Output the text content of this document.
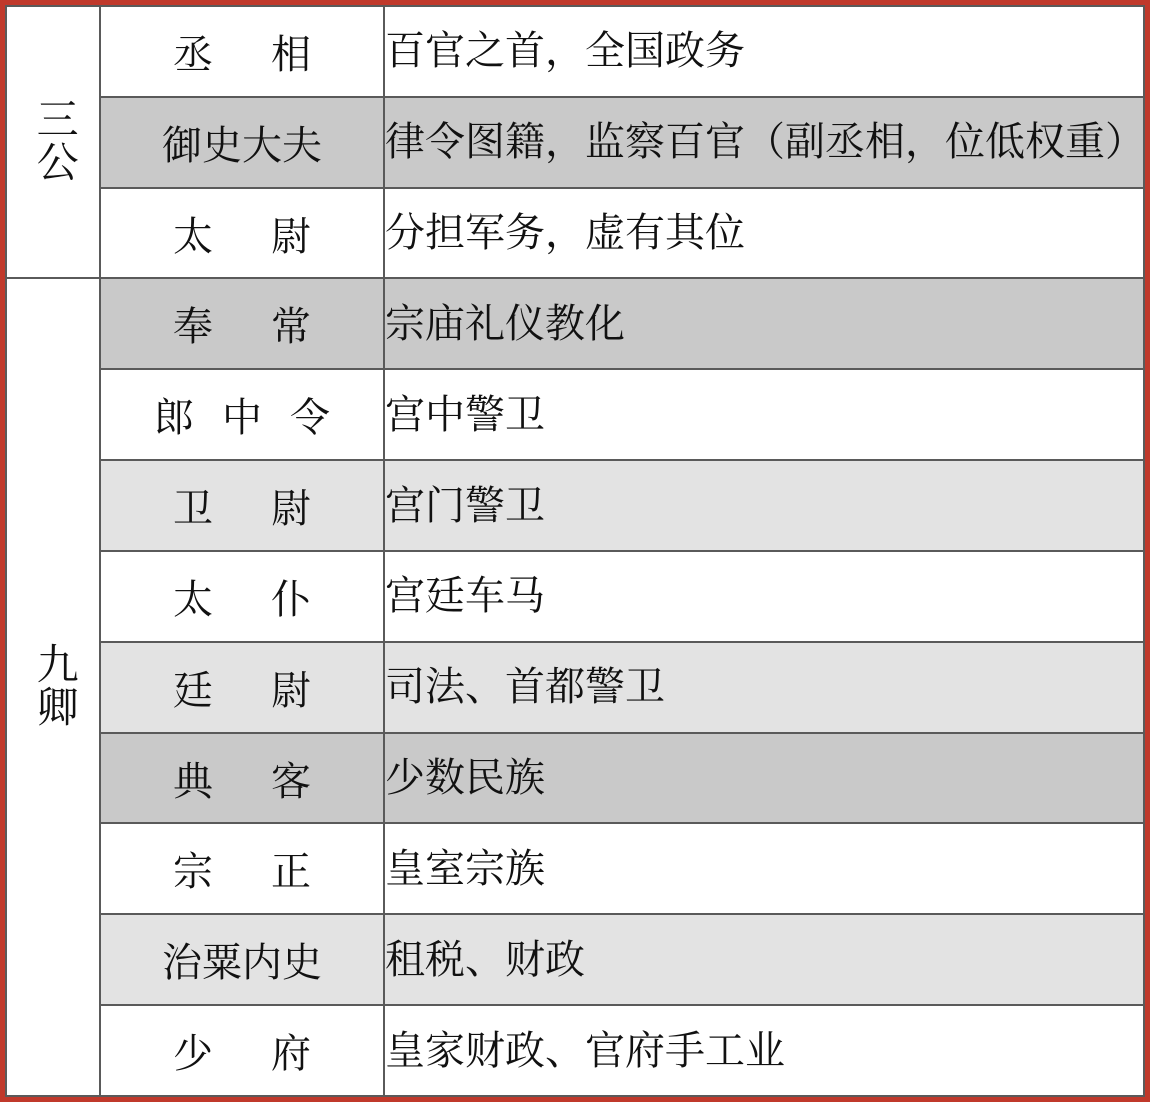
三公	丞相	百官之首，全国政务

	御史大夫	律令图籍，监察百官（副丞相，位低权重）

	太尉	分担军务，虚有其位

九卿	奉常	宗庙礼仪教化

	郎中令	宫中警卫

	卫尉	宫门警卫

	太仆	宫廷车马

	廷尉	司法、首都警卫

	典客	少数民族

	宗正	皇室宗族

	治粟内史	租税、财政

	少府	皇家财政、官府手工业
